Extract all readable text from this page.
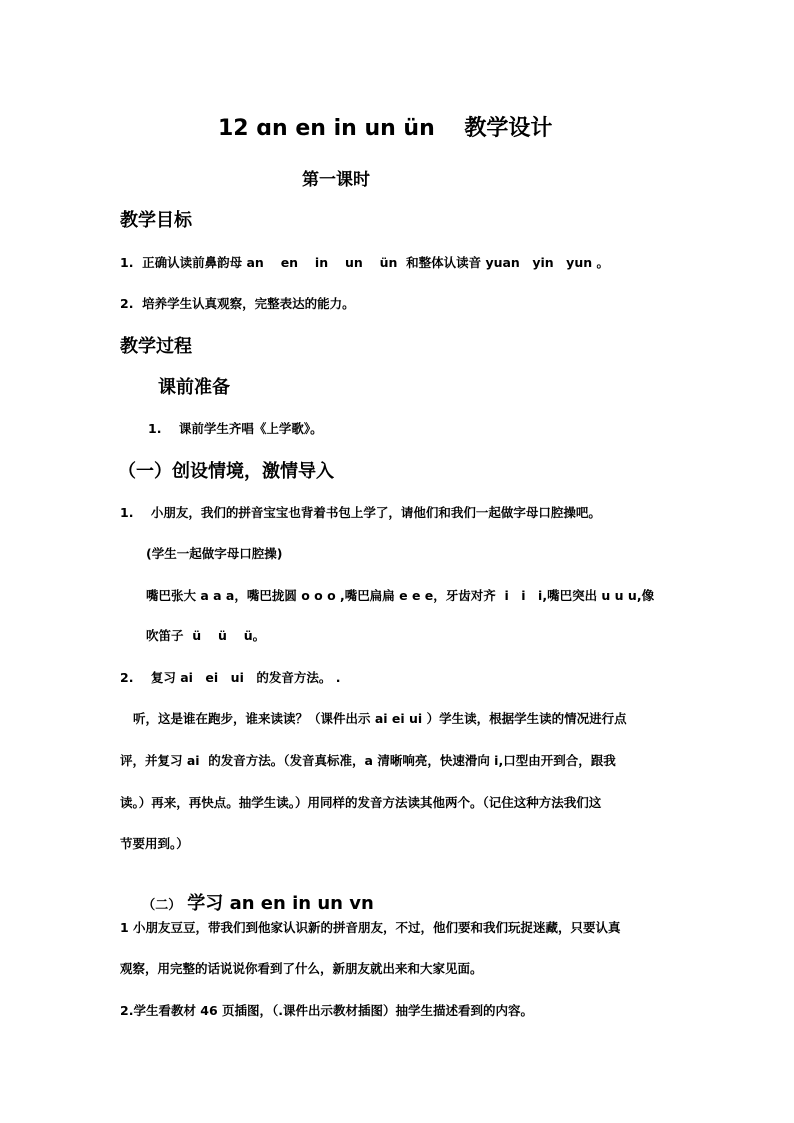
12 ɑn en in un ün　 教学设计
第一课时
教学目标
1.  正确认读前鼻韵母 an　 en　 in　 un　 ün  和整体认读音 yuan　yin　yun 。
2.  培养学生认真观察，完整表达的能力。
教学过程
课前准备
1.    课前学生齐唱《上学歌》。
（一）创设情境，激情导入
1.    小朋友，我们的拼音宝宝也背着书包上学了，请他们和我们一起做字母口腔操吧。
(学生一起做字母口腔操)
嘴巴张大 a a a，嘴巴拢圆 o o o ,嘴巴扁扁 e e e，牙齿对齐  i　i　i,嘴巴突出 u u u,像
吹笛子  ü　 ü　 ü。
2.    复习 ai　ei　ui　的发音方法。 .
听，这是谁在跑步，谁来读读？（课件出示 ai ei ui ）学生读，根据学生读的情况进行点
评，并复习 ai  的发音方法。（发音真标准，a 清晰响亮，快速滑向 i,口型由开到合，跟我
读。）再来，再快点。抽学生读。）用同样的发音方法读其他两个。（记住这种方法我们这
节要用到。）

（二） 学习 an en in un vn

1 小朋友豆豆，带我们到他家认识新的拼音朋友，不过，他们要和我们玩捉迷藏，只要认真
观察，用完整的话说说你看到了什么，新朋友就出来和大家见面。
2.学生看教材 46 页插图，（.课件出示教材插图）抽学生描述看到的内容。
